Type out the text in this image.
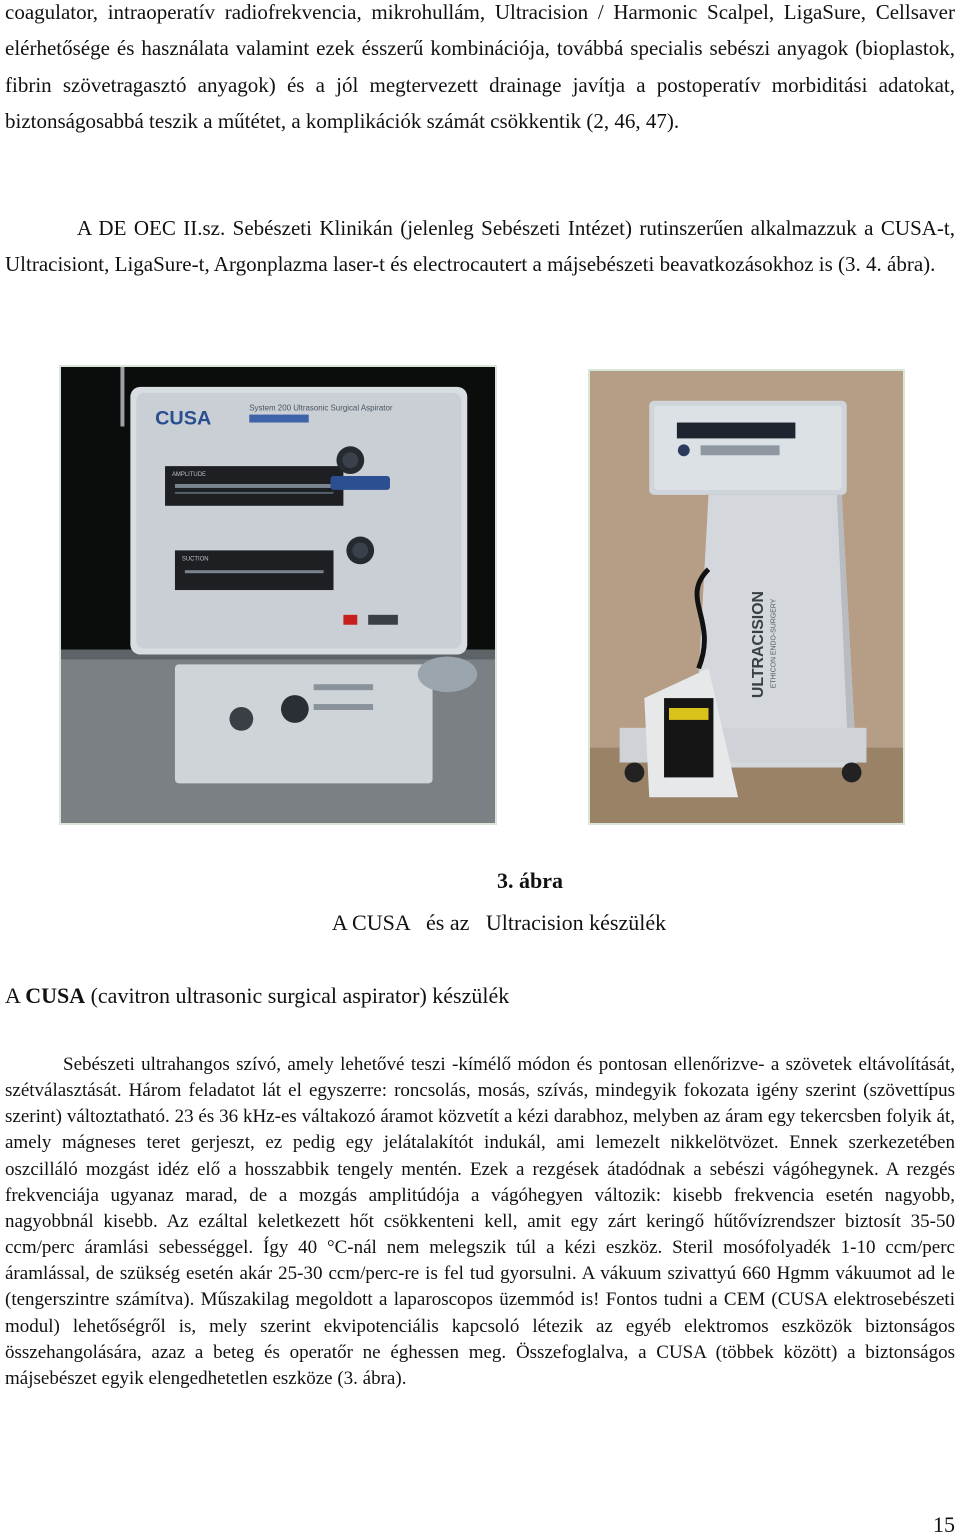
coagulator, intraoperatív radiofrekvencia, mikrohullám, Ultracision / Harmonic Scalpel, LigaSure, Cellsaver elérhetősége és használata valamint ezek ésszerű kombinációja, továbbá specialis sebészi anyagok (bioplastok, fibrin szövetragasztó anyagok) és a jól megtervezett drainage javítja a postoperatív morbiditási adatokat, biztonságosabbá teszik a műtétet, a komplikációk számát csökkentik (2, 46, 47).

A DE OEC II.sz. Sebészeti Klinikán (jelenleg Sebészeti Intézet) rutinszerűen alkalmazzuk a CUSA-t, Ultracisiont, LigaSure-t, Argonplazma laser-t és electrocautert a májsebészeti beavatkozásokhoz is (3. 4. ábra).

CUSA	System 200 Ultrasonic Surgical Aspirator
AMPLITUDE
SUCTION
ULTRACISION ETHICON ENDO-SURGERY
3. ábra
A CUSA   és az   Ultracision készülék
A CUSA (cavitron ultrasonic surgical aspirator) készülék

Sebészeti ultrahangos szívó, amely lehetővé teszi -kímélő módon és pontosan ellenőrizve- a szövetek eltávolítását, szétválasztását. Három feladatot lát el egyszerre: roncsolás, mosás, szívás, mindegyik fokozata igény szerint (szövettípus szerint) változtatható. 23 és 36 kHz-es váltakozó áramot közvetít a kézi darabhoz, melyben az áram egy tekercsben folyik át, amely mágneses teret gerjeszt, ez pedig egy jelátalakítót indukál, ami lemezelt nikkelötvözet. Ennek szerkezetében oszcilláló mozgást idéz elő a hosszabbik tengely mentén. Ezek a rezgések átadódnak a sebészi vágóhegynek. A rezgés frekvenciája ugyanaz marad, de a mozgás amplitúdója a vágóhegyen változik: kisebb frekvencia esetén nagyobb, nagyobbnál kisebb. Az ezáltal keletkezett hőt csökkenteni kell, amit egy zárt keringő hűtővízrendszer biztosít 35-50 ccm/perc áramlási sebességgel. Így 40 °C-nál nem melegszik túl a kézi eszköz. Steril mosófolyadék 1-10 ccm/perc áramlással, de szükség esetén akár 25-30 ccm/perc-re is fel tud gyorsulni. A vákuum szivattyú 660 Hgmm vákuumot ad le (tengerszintre számítva). Műszakilag megoldott a laparoscopos üzemmód is! Fontos tudni a CEM (CUSA elektrosebészeti modul) lehetőségről is, mely szerint ekvipotenciális kapcsoló létezik az egyéb elektromos eszközök biztonságos összehangolására, azaz a beteg és operatőr ne éghessen meg. Összefoglalva, a CUSA (többek között) a biztonságos májsebészet egyik elengedhetetlen eszköze (3. ábra).

15
